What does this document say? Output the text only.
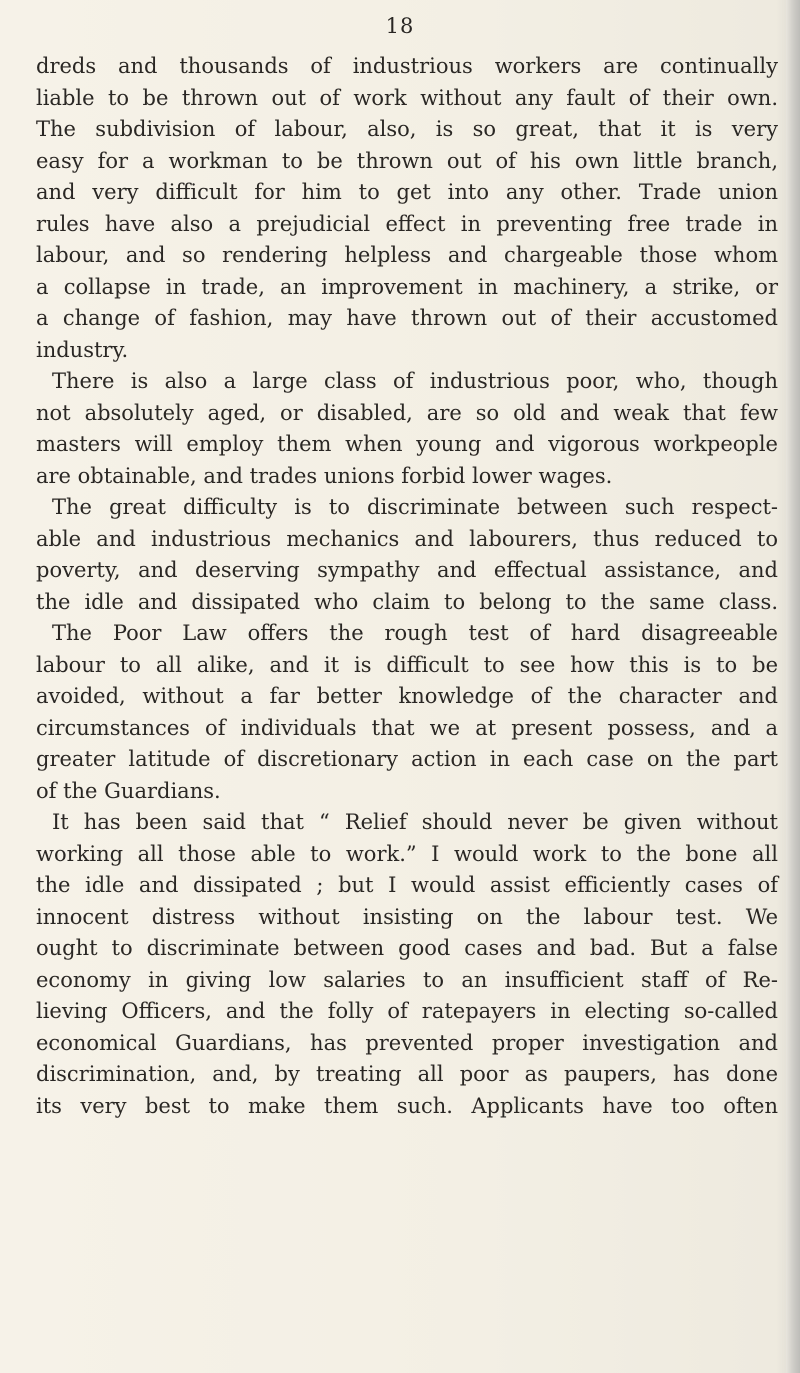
18
dreds and thousands of industrious workers are continually
liable to be thrown out of work without any fault of their own.
The subdivision of labour, also, is so great, that it is very
easy for a workman to be thrown out of his own little branch,
and very difficult for him to get into any other. Trade union
rules have also a prejudicial effect in preventing free trade in
labour, and so rendering helpless and chargeable those whom
a collapse in trade, an improvement in machinery, a strike, or
a change of fashion, may have thrown out of their accustomed
industry.
There is also a large class of industrious poor, who, though
not absolutely aged, or disabled, are so old and weak that few
masters will employ them when young and vigorous workpeople
are obtainable, and trades unions forbid lower wages.
The great difficulty is to discriminate between such respect-
able and industrious mechanics and labourers, thus reduced to
poverty, and deserving sympathy and effectual assistance, and
the idle and dissipated who claim to belong to the same class.
The Poor Law offers the rough test of hard disagreeable
labour to all alike, and it is difficult to see how this is to be
avoided, without a far better knowledge of the character and
circumstances of individuals that we at present possess, and a
greater latitude of discretionary action in each case on the part
of the Guardians.
It has been said that “ Relief should never be given without
working all those able to work.” I would work to the bone all
the idle and dissipated ; but I would assist efficiently cases of
innocent distress without insisting on the labour test. We
ought to discriminate between good cases and bad. But a false
economy in giving low salaries to an insufficient staff of Re-
lieving Officers, and the folly of ratepayers in electing so-called
economical Guardians, has prevented proper investigation and
discrimination, and, by treating all poor as paupers, has done
its very best to make them such. Applicants have too often
